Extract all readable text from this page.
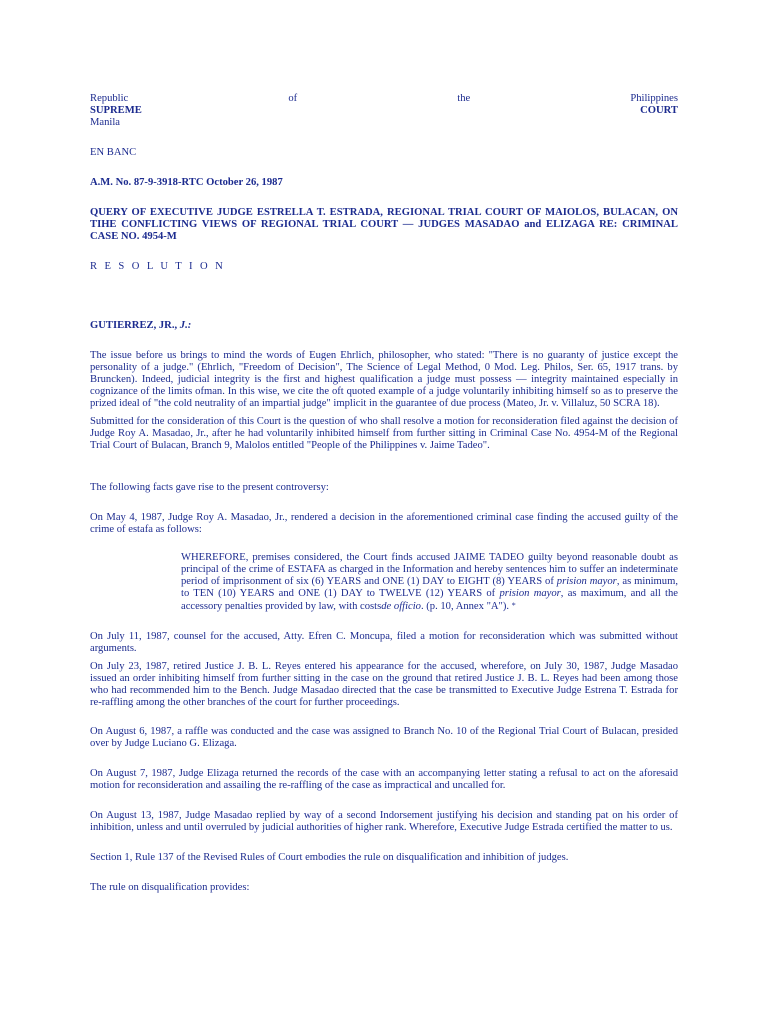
Republic	of	the	Philippines
SUPREME	COURT
Manila
EN BANC
A.M. No. 87-9-3918-RTC October 26, 1987
QUERY OF EXECUTIVE JUDGE ESTRELLA T. ESTRADA, REGIONAL TRIAL COURT OF MAIOLOS, BULACAN, ON TIHE CONFLICTING VIEWS OF REGIONAL TRIAL COURT — JUDGES MASADAO and ELIZAGA RE: CRIMINAL CASE NO. 4954-M
R E S O L U T I O N
GUTIERREZ, JR., J.:

The issue before us brings to mind the words of Eugen Ehrlich, philosopher, who stated: "There is no guaranty of justice except the personality of a judge." (Ehrlich, "Freedom of Decision", The Science of Legal Method, 0 Mod. Leg. Philos, Ser. 65, 1917 trans. by Bruncken). Indeed, judicial integrity is the first and highest qualification a judge must possess — integrity maintained especially in cognizance of the limits ofman. In this wise, we cite the oft quoted example of a judge voluntarily inhibiting himself so as to preserve the prized ideal of "the cold neutrality of an impartial judge" implicit in the guarantee of due process (Mateo, Jr. v. Villaluz, 50 SCRA 18).

Submitted for the consideration of this Court is the question of who shall resolve a motion for reconsideration filed against the decision of Judge Roy A. Masadao, Jr., after he had voluntarily inhibited himself from further sitting in Criminal Case No. 4954-M of the Regional Trial Court of Bulacan, Branch 9, Malolos entitled "People of the Philippines v. Jaime Tadeo".

The following facts gave rise to the present controversy:

On May 4, 1987, Judge Roy A. Masadao, Jr., rendered a decision in the aforementioned criminal case finding the accused guilty of the crime of estafa as follows:

WHEREFORE, premises considered, the Court finds accused JAIME TADEO guilty beyond reasonable doubt as principal of the crime of ESTAFA as charged in the Information and hereby sentences him to suffer an indeterminate period of imprisonment of six (6) YEARS and ONE (1) DAY to EIGHT (8) YEARS of prision mayor, as minimum, to TEN (10) YEARS and ONE (1) DAY to TWELVE (12) YEARS of prision mayor, as maximum, and all the accessory penalties provided by law, with costsde officio. (p. 10, Annex "A"). *

On July 11, 1987, counsel for the accused, Atty. Efren C. Moncupa, filed a motion for reconsideration which was submitted without arguments.

On July 23, 1987, retired Justice J. B. L. Reyes entered his appearance for the accused, wherefore, on July 30, 1987, Judge Masadao issued an order inhibiting himself from further sitting in the case on the ground that retired Justice J. B. L. Reyes had been among those who had recommended him to the Bench. Judge Masadao directed that the case be transmitted to Executive Judge Estrena T. Estrada for re-raffling among the other branches of the court for further proceedings.

On August 6, 1987, a raffle was conducted and the case was assigned to Branch No. 10 of the Regional Trial Court of Bulacan, presided over by Judge Luciano G. Elizaga.

On August 7, 1987, Judge Elizaga returned the records of the case with an accompanying letter stating a refusal to act on the aforesaid motion for reconsideration and assailing the re-raffling of the case as impractical and uncalled for.

On August 13, 1987, Judge Masadao replied by way of a second Indorsement justifying his decision and standing pat on his order of inhibition, unless and until overruled by judicial authorities of higher rank. Wherefore, Executive Judge Estrada certified the matter to us.

Section 1, Rule 137 of the Revised Rules of Court embodies the rule on disqualification and inhibition of judges.

The rule on disqualification provides:
